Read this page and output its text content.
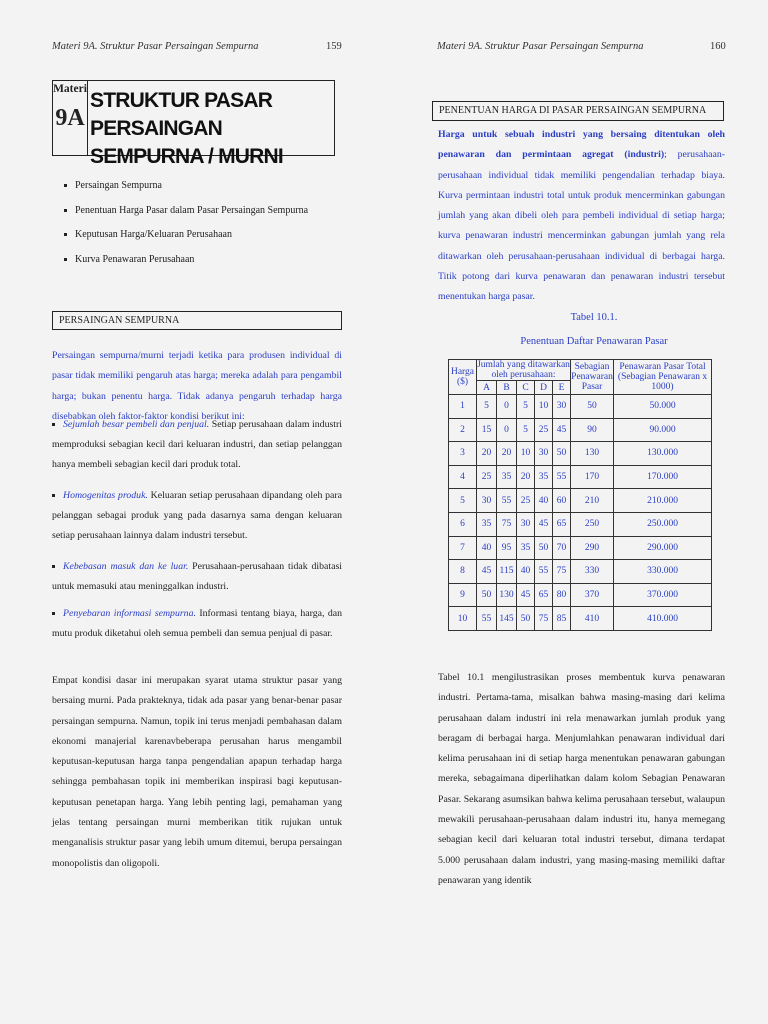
Materi 9A. Struktur Pasar Persaingan Sempurna	159
Materi
9A
STRUKTUR PASAR PERSAINGAN
SEMPURNA / MURNI
Persaingan Sempurna
Penentuan Harga Pasar dalam Pasar Persaingan Sempurna
Keputusan Harga/Keluaran Perusahaan
Kurva Penawaran Perusahaan
PERSAINGAN SEMPURNA
Persaingan sempurna/murni terjadi ketika para produsen individual di pasar tidak memiliki pengaruh atas harga; mereka adalah para pengambil harga; bukan penentu harga. Tidak adanya pengaruh terhadap harga disebabkan oleh faktor-faktor kondisi berikut ini:
Sejumlah besar pembeli dan penjual. Setiap perusahaan dalam industri memproduksi sebagian kecil dari keluaran industri, dan setiap pelanggan hanya membeli sebagian kecil dari produk total.
Homogenitas produk. Keluaran setiap perusahaan dipandang oleh para pelanggan sebagai produk yang pada dasarnya sama dengan keluaran setiap perusahaan lainnya dalam industri tersebut.
Kebebasan masuk dan ke luar. Perusahaan-perusahaan tidak dibatasi untuk memasuki atau meninggalkan industri.
Penyebaran informasi sempurna. Informasi tentang biaya, harga, dan mutu produk diketahui oleh semua pembeli dan semua penjual di pasar.
Empat kondisi dasar ini merupakan syarat utama struktur pasar yang bersaing murni. Pada prakteknya, tidak ada pasar yang benar-benar pasar persaingan sempurna. Namun, topik ini terus menjadi pembahasan dalam ekonomi manajerial karenavbeberapa perusahan harus mengambil keputusan-keputusan harga tanpa pengendalian apapun terhadap harga sehingga pembahasan topik ini memberikan inspirasi bagi keputusan-keputusan penetapan harga. Yang lebih penting lagi, pemahaman yang jelas tentang persaingan murni memberikan titik rujukan untuk menganalisis struktur pasar yang lebih umum ditemui, berupa persaingan monopolistis dan oligopoli.
Materi 9A. Struktur Pasar Persaingan Sempurna	160
PENENTUAN HARGA DI PASAR PERSAINGAN SEMPURNA
Harga untuk sebuah industri yang bersaing ditentukan oleh penawaran dan permintaan agregat (industri); perusahaan-perusahaan individual tidak memiliki pengendalian terhadap biaya. Kurva permintaan industri total untuk produk mencerminkan gabungan jumlah yang akan dibeli oleh para pembeli individual di setiap harga; kurva penawaran industri mencerminkan gabungan jumlah yang rela ditawarkan oleh perusahaan-perusahaan individual di berbagai harga. Titik potong dari kurva penawaran dan penawaran industri tersebut menentukan harga pasar.
Tabel 10.1.
Penentuan Daftar Penawaran Pasar
Harga ($)	Jumlah yang ditawarkan oleh perusahaan:					Sebagian Penawaran Pasar	Penawaran Pasar Total (Sebagian Penawaran x 1000)
	A	B	C	D	E		
1	5	0	5	10	30	50	50.000
2	15	0	5	25	45	90	90.000
3	20	20	10	30	50	130	130.000
4	25	35	20	35	55	170	170.000
5	30	55	25	40	60	210	210.000
6	35	75	30	45	65	250	250.000
7	40	95	35	50	70	290	290.000
8	45	115	40	55	75	330	330.000
9	50	130	45	65	80	370	370.000
10	55	145	50	75	85	410	410.000
Tabel 10.1 mengilustrasikan proses membentuk kurva penawaran industri. Pertama-tama, misalkan bahwa masing-masing dari kelima perusahaan dalam industri ini rela menawarkan jumlah produk yang beragam di berbagai harga. Menjumlahkan penawaran individual dari kelima perusahaan ini di setiap harga menentukan penawaran gabungan mereka, sebagaimana diperlihatkan dalam kolom Sebagian Penawaran Pasar. Sekarang asumsikan bahwa kelima perusahaan tersebut, walaupun mewakili perusahaan-perusahaan dalam industri itu, hanya memegang sebagian kecil dari keluaran total industri tersebut, dimana terdapat 5.000 perusahaan dalam industri, yang masing-masing memiliki daftar penawaran yang identik
